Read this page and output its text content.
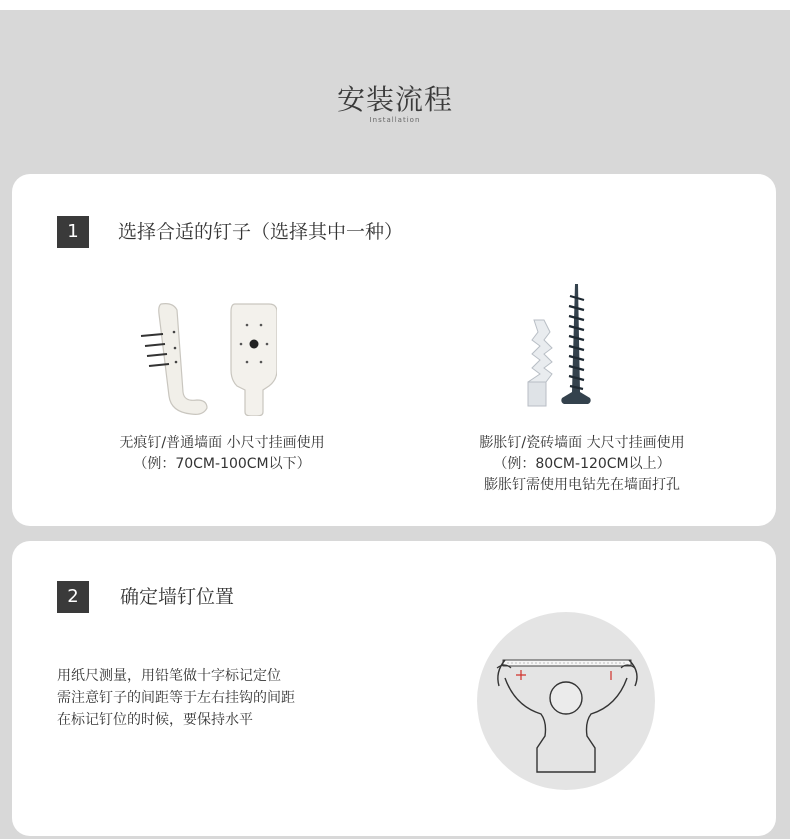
安装流程
Installation
1	选择合适的钉子（选择其中一种）
无痕钉/普通墙面 小尺寸挂画使用
（例：70CM-100CM以下）
膨胀钉/瓷砖墙面 大尺寸挂画使用
（例：80CM-120CM以上）
膨胀钉需使用电钻先在墙面打孔
2	确定墙钉位置
用纸尺测量，用铅笔做十字标记定位
需注意钉子的间距等于左右挂钩的间距
在标记钉位的时候，要保持水平
